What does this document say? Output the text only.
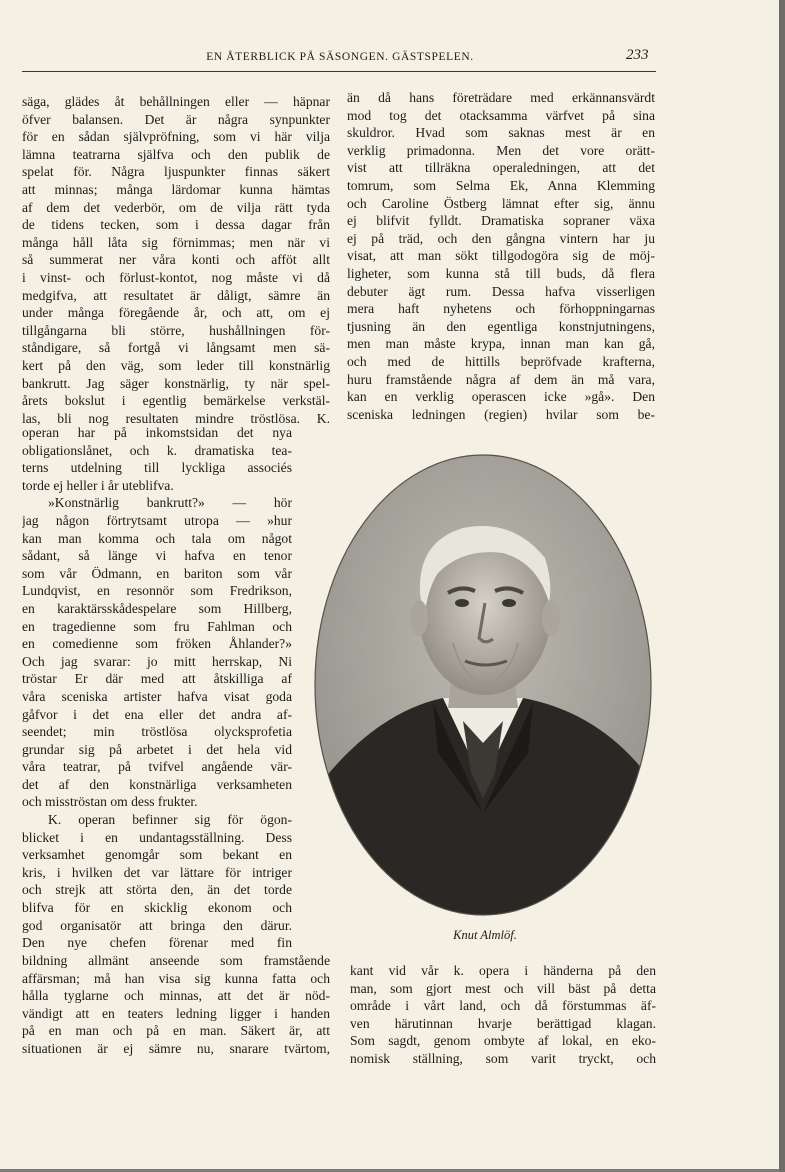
EN ÅTERBLICK PÅ SÄSONGEN. GÄSTSPELEN.	233
säga, glädes åt behållningen eller — häpnar
öfver balansen. Det är några synpunkter
för en sådan självpröfning, som vi här vilja
lämna teatrarna själfva och den publik de
spelat för. Några ljuspunkter finnas säkert
att minnas; många lärdomar kunna hämtas
af dem det vederbör, om de vilja rätt tyda
de tidens tecken, som i dessa dagar från
många håll låta sig förnimmas; men när vi
så summerat ner våra konti och afföt allt
i vinst- och förlust-kontot, nog måste vi då
medgifva, att resultatet är dåligt, sämre än
under många föregående år, och att, om ej
tillgångarna bli större, hushållningen för-
ståndigare, så fortgå vi långsamt men sä-
kert på den väg, som leder till konstnärlig
bankrutt. Jag säger konstnärlig, ty när spel-
årets bokslut i egentlig bemärkelse verkstäl-
las, bli nog resultaten mindre tröstlösa. K.
operan har på inkomstsidan det nya
obligationslånet, och k. dramatiska tea-
terns utdelning till lyckliga associés
torde ej heller i år uteblifva.
»Konstnärlig bankrutt?» — hör
jag någon förtrytsamt utropa — »hur
kan man komma och tala om något
sådant, så länge vi hafva en tenor
som vår Ödmann, en bariton som vår
Lundqvist, en resonnör som Fredrikson,
en karaktärsskådespelare som Hillberg,
en tragedienne som fru Fahlman och
en comedienne som fröken Åhlander?»
Och jag svarar: jo mitt herrskap, Ni
tröstar Er där med att åtskilliga af
våra sceniska artister hafva visat goda
gåfvor i det ena eller det andra af-
seendet; min tröstlösa olycksprofetia
grundar sig på arbetet i det hela vid
våra teatrar, på tvifvel angående vär-
det af den konstnärliga verksamheten
och misströstan om dess frukter.
K. operan befinner sig för ögon-
blicket i en undantagsställning. Dess
verksamhet genomgår som bekant en
kris, i hvilken det var lättare för intriger
och strejk att störta den, än det torde
blifva för en skicklig ekonom och
god organisatör att bringa den därur.
Den nye chefen förenar med fin
än då hans företrädare med erkännansvärdt
mod tog det otacksamma värfvet på sina
skuldror. Hvad som saknas mest är en
verklig primadonna. Men det vore orätt-
vist att tillräkna operaledningen, att det
tomrum, som Selma Ek, Anna Klemming
och Caroline Östberg lämnat efter sig, ännu
ej blifvit fylldt. Dramatiska sopraner växa
ej på träd, och den gångna vintern har ju
visat, att man sökt tillgodogöra sig de möj-
ligheter, som kunna stå till buds, då flera
debuter ägt rum. Dessa hafva visserligen
mera haft nyhetens och förhoppningarnas
tjusning än den egentliga konstnjutningens,
men man måste krypa, innan man kan gå,
och med de hittills bepröfvade krafterna,
huru framstående några af dem än må vara,
kan en verklig operascen icke »gå». Den
sceniska ledningen (regien) hvilar som be-
kant vid vår k. opera i händerna på den
man, som gjort mest och vill bäst på detta
område i vårt land, och då förstummas äf-
ven härutinnan hvarje berättigad klagan.
Som sagdt, genom ombyte af lokal, en eko-
nomisk ställning, som varit tryckt, och
Knut Almlöf.
bildning allmänt anseende som framstående
affärsman; må han visa sig kunna fatta och
hålla tyglarne och minnas, att det är nöd-
vändigt att en teaters ledning ligger i handen
på en man och på en man. Säkert är, att
situationen är ej sämre nu, snarare tvärtom,
